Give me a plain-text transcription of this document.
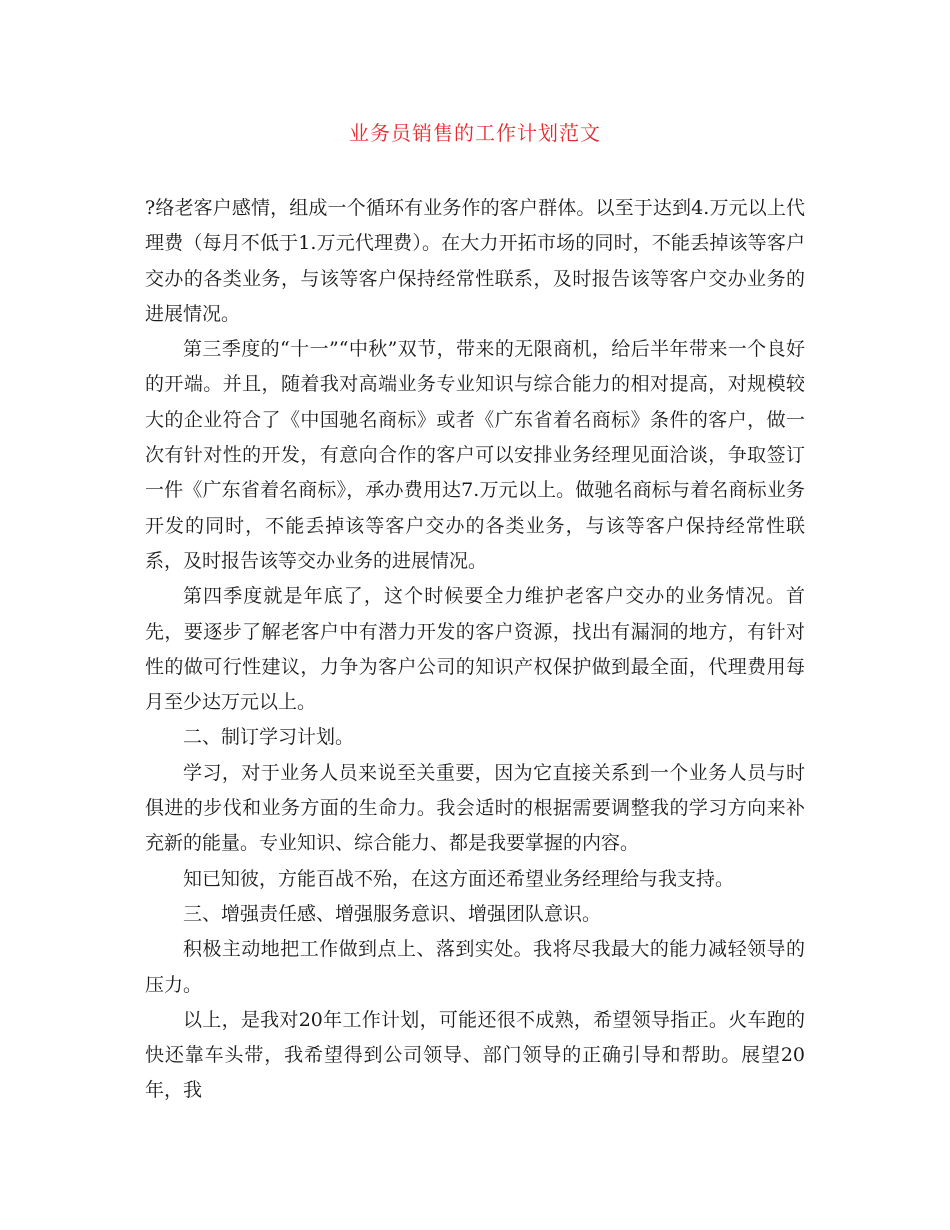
业务员销售的工作计划范文

?络老客户感情，组成一个循环有业务作的客户群体。以至于达到4.万元以上代理费（每月不低于1.万元代理费）。在大力开拓市场的同时，不能丢掉该等客户交办的各类业务，与该等客户保持经常性联系，及时报告该等客户交办业务的进展情况。

第三季度的“十一”“中秋”双节，带来的无限商机，给后半年带来一个良好的开端。并且，随着我对高端业务专业知识与综合能力的相对提高，对规模较大的企业符合了《中国驰名商标》或者《广东省着名商标》条件的客户，做一次有针对性的开发，有意向合作的客户可以安排业务经理见面洽谈，争取签订一件《广东省着名商标》，承办费用达7.万元以上。做驰名商标与着名商标业务开发的同时，不能丢掉该等客户交办的各类业务，与该等客户保持经常性联系，及时报告该等交办业务的进展情况。

第四季度就是年底了，这个时候要全力维护老客户交办的业务情况。首先，要逐步了解老客户中有潜力开发的客户资源，找出有漏洞的地方，有针对性的做可行性建议，力争为客户公司的知识产权保护做到最全面，代理费用每月至少达万元以上。

二、制订学习计划。

学习，对于业务人员来说至关重要，因为它直接关系到一个业务人员与时俱进的步伐和业务方面的生命力。我会适时的根据需要调整我的学习方向来补充新的能量。专业知识、综合能力、都是我要掌握的内容。

知已知彼，方能百战不殆，在这方面还希望业务经理给与我支持。

三、增强责任感、增强服务意识、增强团队意识。

积极主动地把工作做到点上、落到实处。我将尽我最大的能力减轻领导的压力。

以上，是我对20年工作计划，可能还很不成熟，希望领导指正。火车跑的快还靠车头带，我希望得到公司领导、部门领导的正确引导和帮助。展望20年，我
